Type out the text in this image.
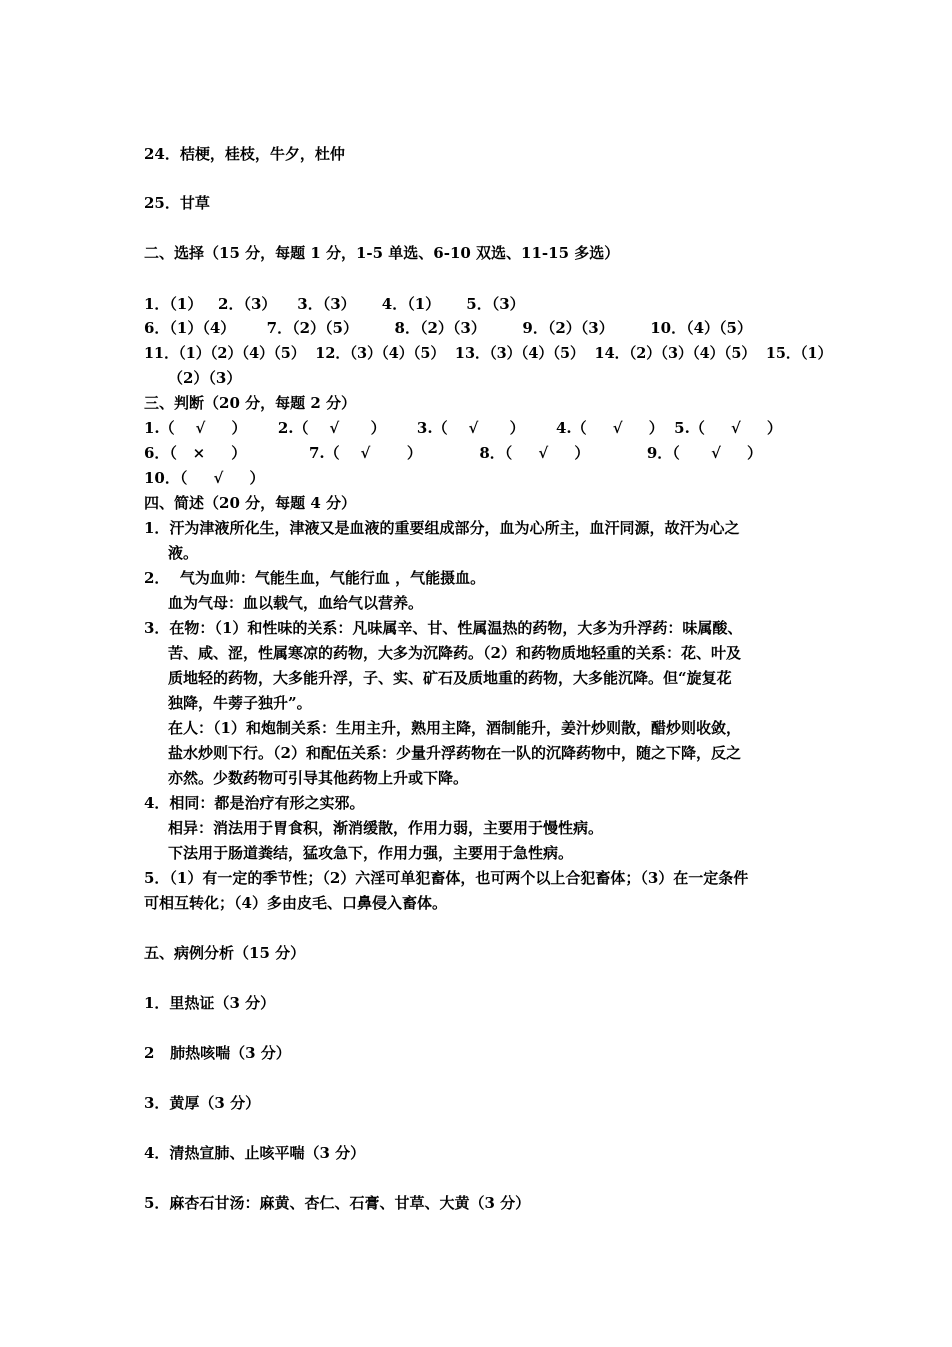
24．桔梗，桂枝，牛夕，杜仲
25．甘草
二、选择（15 分，每题 1 分，1-5 单选、6-10 双选、11-15 多选）
1．（1）   2．（3）    3．（3）     4．（1）     5．（3）
6．（1）（4）      7．（2）（5）       8．（2）（3）       9．（2）（3）       10．（4）（5）
11．（1）（2）（4）（5）  12．（3）（4）（5）  13．（3）（4）（5）  14．（2）（3）（4）（5）  15．（1）
（2）（3）
三、判断（20 分，每题 2 分）
1.（    √     ）      2.（    √      ）      3.（    √      ）      4.（     √     ）  5.（     √     ）
6．（   ×     ）            7.（    √       ）           8．（     √     ）           9．（      √     ）
10．（     √     ）
四、简述（20 分，每题 4 分）
1．汗为津液所化生，津液又是血液的重要组成部分，血为心所主，血汗同源，故汗为心之
液。
2．  气为血帅：气能生血，气能行血 ，气能摄血。
血为气母：血以载气，血给气以营养。
3．在物：（1）和性味的关系：凡味属辛、甘、性属温热的药物，大多为升浮药：味属酸、
苦、咸、涩，性属寒凉的药物，大多为沉降药。（2）和药物质地轻重的关系：花、叶及
质地轻的药物，大多能升浮，子、实、矿石及质地重的药物，大多能沉降。但“旋复花
独降，牛蒡子独升”。
在人：（1）和炮制关系：生用主升，熟用主降，酒制能升，姜汁炒则散，醋炒则收敛，
盐水炒则下行。（2）和配伍关系：少量升浮药物在一队的沉降药物中，随之下降，反之
亦然。少数药物可引导其他药物上升或下降。
4．相同：都是治疗有形之实邪。
相异：消法用于胃食积，渐消缓散，作用力弱，主要用于慢性病。
下法用于肠道粪结，猛攻急下，作用力强，主要用于急性病。
5．（1）有一定的季节性；（2）六淫可单犯畜体，也可两个以上合犯畜体；（3）在一定条件
可相互转化；（4）多由皮毛、口鼻侵入畜体。
五、病例分析（15 分）
1．里热证（3 分）
2   肺热咳喘（3 分）
3．黄厚（3 分）
4．清热宣肺、止咳平喘（3 分）
5．麻杏石甘汤：麻黄、杏仁、石膏、甘草、大黄（3 分）
